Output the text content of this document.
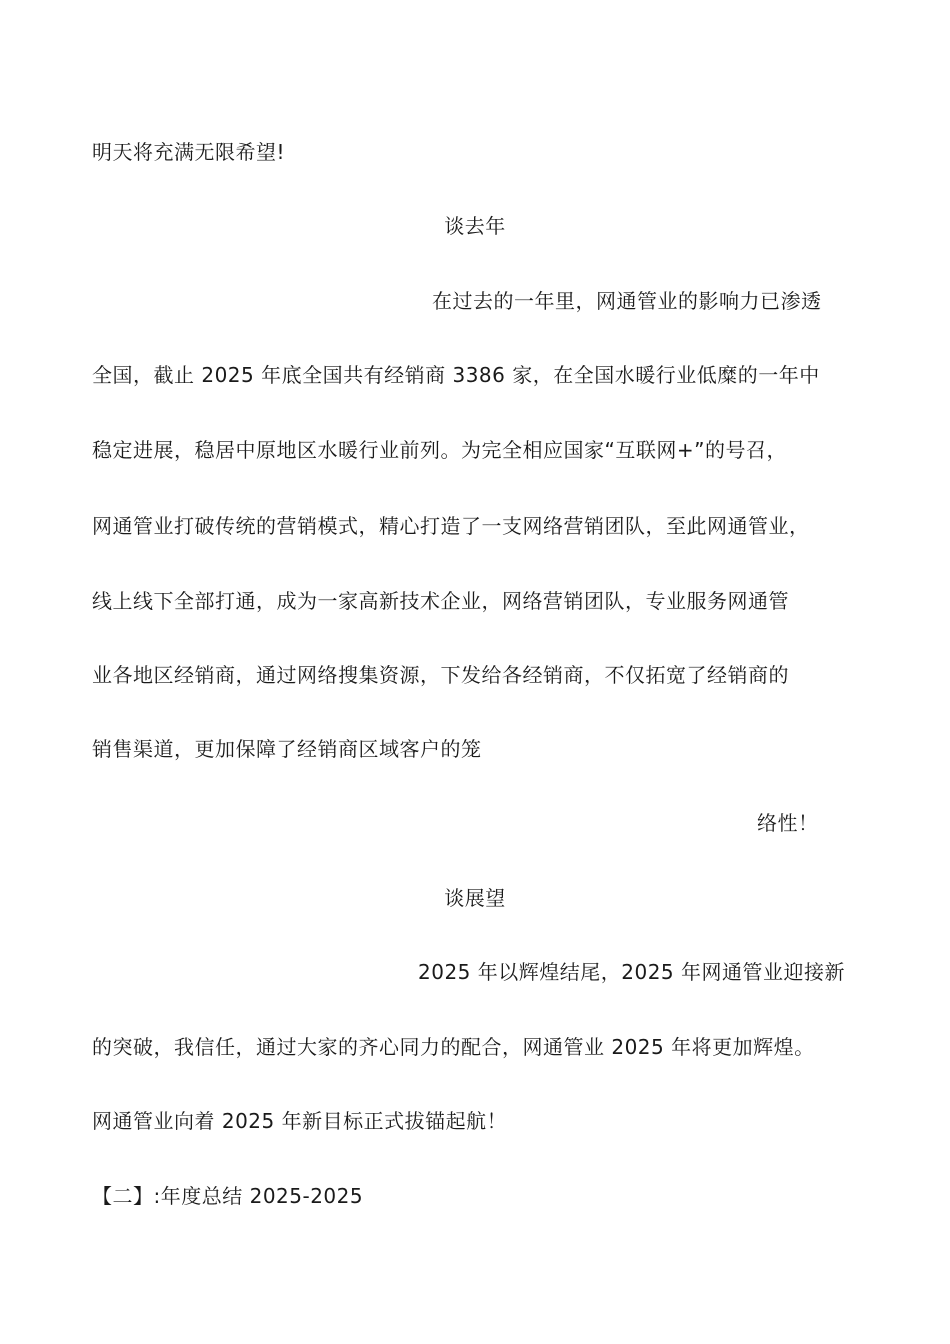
明天将充满无限希望!
谈去年
在过去的一年里，网通管业的影响力已渗透
全国，截止 2025 年底全国共有经销商 3386 家，在全国水暖行业低糜的一年中
稳定进展，稳居中原地区水暖行业前列。为完全相应国家“互联网+”的号召，
网通管业打破传统的营销模式，精心打造了一支网络营销团队，至此网通管业，
线上线下全部打通，成为一家高新技术企业，网络营销团队，专业服务网通管
业各地区经销商，通过网络搜集资源，下发给各经销商，不仅拓宽了经销商的
销售渠道，更加保障了经销商区域客户的笼
络性！
谈展望
2025 年以辉煌结尾，2025 年网通管业迎接新
的突破，我信任，通过大家的齐心同力的配合，网通管业 2025 年将更加辉煌。
网通管业向着 2025 年新目标正式拔锚起航！
【二】:年度总结 2025-2025
